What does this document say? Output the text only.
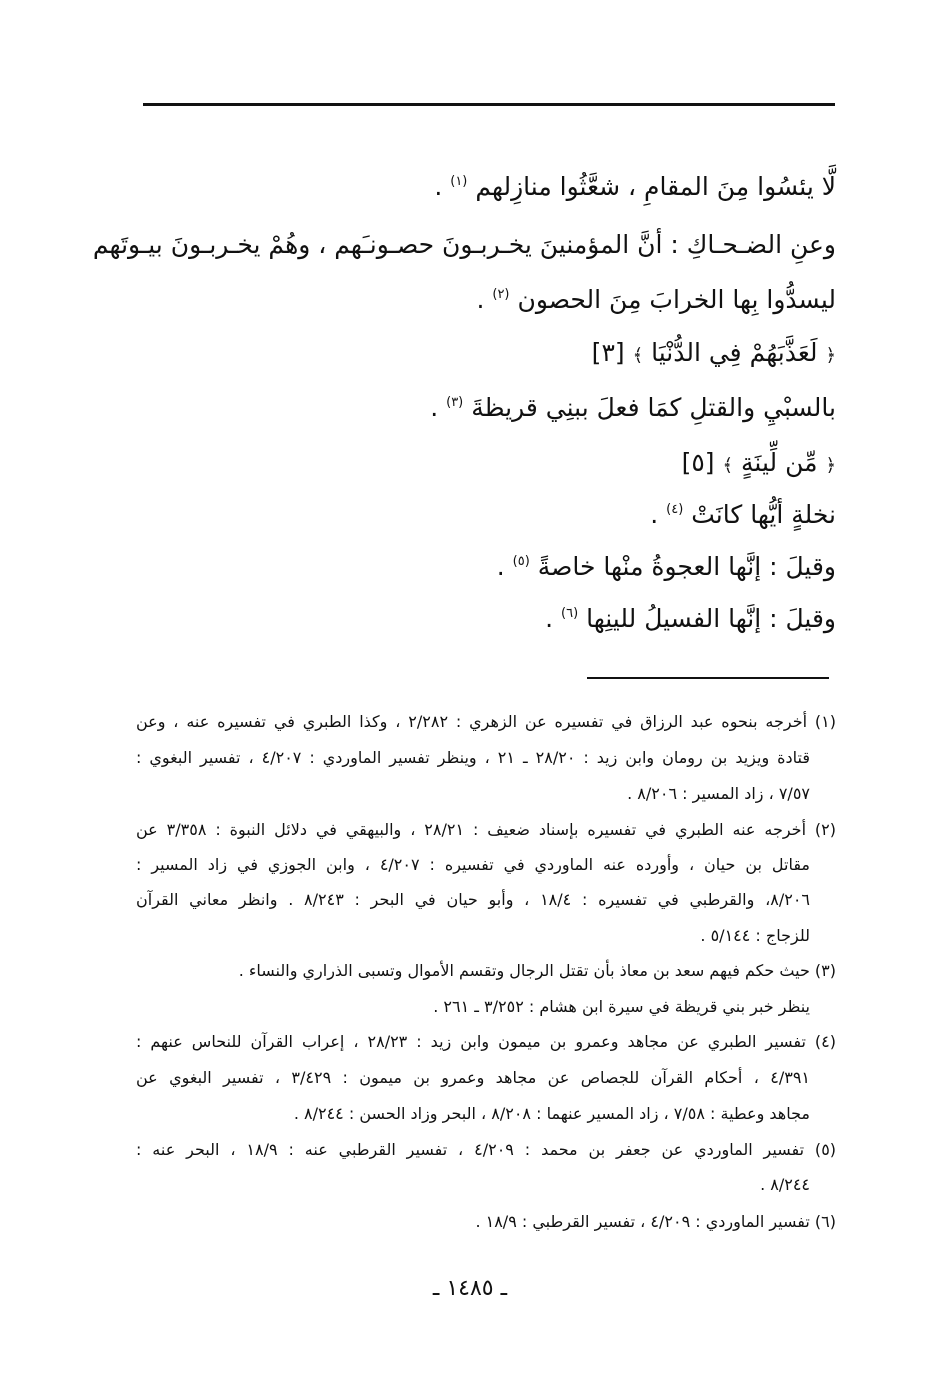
لَّا يئسُوا مِنَ المقامِ ، شعَّثُوا منازِلهم $^{(١)}$ .
وعنِ الضـحـاكِ : أنَّ المؤمنينَ يخـربـونَ حصـونـَهم ، وهُمْ يخـربـونَ بيـوتَهم
ليسدُّوا بِها الخرابَ مِنَ الحصون $^{(٢)}$ .
﴿ لَعَذَّبَهُمْ فِي الدُّنْيَا ﴾ [٣]
بالسبْيِ والقتلِ كمَا فعلَ ببنِي قريظةَ $^{(٣)}$ .
﴿ مِّن لِّينَةٍ ﴾ [٥]
نخلةٍ أيُّها كانَتْ $^{(٤)}$ .
وقيلَ : إنَّها العجوةُ منْها خاصةً $^{(٥)}$ .
وقيلَ : إنَّها الفسيلُ للينِها $^{(٦)}$ .
(١) أخرجه بنحوه عبد الرزاق في تفسيره عن الزهري : ٢/٢٨٢ ، وكذا الطبري في تفسيره عنه ، وعن
قتادة ويزيد بن رومان وابن زيد : ٢٨/٢٠ ـ ٢١ ، وينظر تفسير الماوردي : ٤/٢٠٧ ، تفسير البغوي :
٧/٥٧ ، زاد المسير : ٨/٢٠٦ .
(٢) أخرجه عنه الطبري في تفسيره بإسناد ضعيف : ٢٨/٢١ ، والبيهقي في دلائل النبوة : ٣/٣٥٨ عن
مقاتل بن حيان ، وأورده عنه الماوردي في تفسيره : ٤/٢٠٧ ، وابن الجوزي في زاد المسير :
٨/٢٠٦، والقرطبي في تفسيره : ١٨/٤ ، وأبو حيان في البحر : ٨/٢٤٣ . وانظر معاني القرآن
للزجاج : ٥/١٤٤ .
(٣) حيث حكم فيهم سعد بن معاذ بأن تقتل الرجال وتقسم الأموال وتسبى الذراري والنساء .
ينظر خبر بني قريظة في سيرة ابن هشام : ٣/٢٥٢ ـ ٢٦١ .
(٤) تفسير الطبري عن مجاهد وعمرو بن ميمون وابن زيد : ٢٨/٢٣ ، إعراب القرآن للنحاس عنهم :
٤/٣٩١ ، أحكام القرآن للجصاص عن مجاهد وعمرو بن ميمون : ٣/٤٢٩ ، تفسير البغوي عن
مجاهد وعطية : ٧/٥٨ ، زاد المسير عنهما : ٨/٢٠٨ ، البحر وزاد الحسن : ٨/٢٤٤ .
(٥) تفسير الماوردي عن جعفر بن محمد : ٤/٢٠٩ ، تفسير القرطبي عنه : ١٨/٩ ، البحر عنه :
٨/٢٤٤ .
(٦) تفسير الماوردي : ٤/٢٠٩ ، تفسير القرطبي : ١٨/٩ .
ـ ١٤٨٥ ـ
